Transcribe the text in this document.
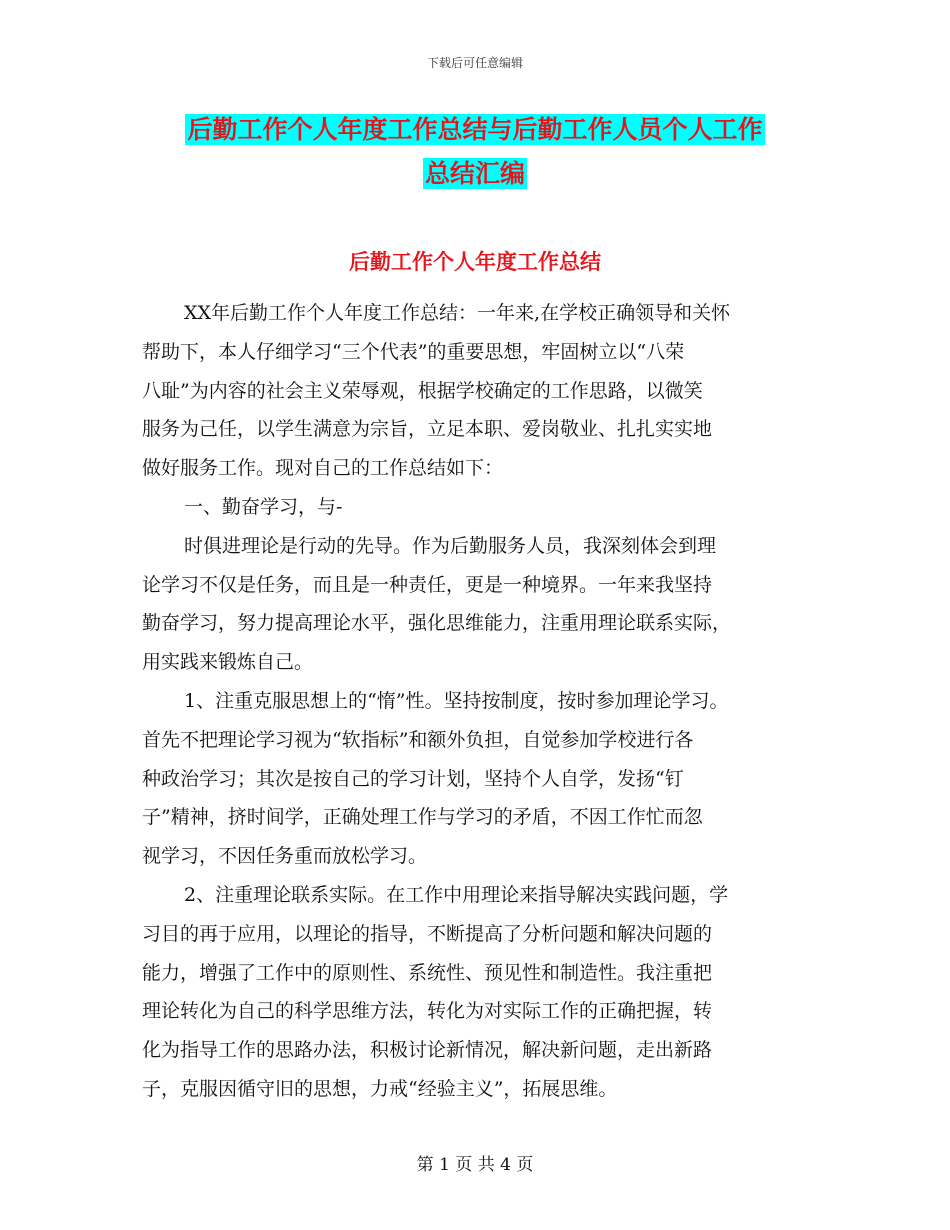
下载后可任意编辑
后勤工作个人年度工作总结与后勤工作人员个人工作
总结汇编
后勤工作个人年度工作总结

XX年后勤工作个人年度工作总结：一年来,在学校正确领导和关怀
帮助下，本人仔细学习“三个代表”的重要思想，牢固树立以“八荣
八耻”为内容的社会主义荣辱观，根据学校确定的工作思路，以微笑
服务为己任，以学生满意为宗旨，立足本职、爱岗敬业、扎扎实实地
做好服务工作。现对自己的工作总结如下：

一、勤奋学习，与-

时俱进理论是行动的先导。作为后勤服务人员，我深刻体会到理
论学习不仅是任务，而且是一种责任，更是一种境界。一年来我坚持
勤奋学习，努力提高理论水平，强化思维能力，注重用理论联系实际，
用实践来锻炼自己。

1、注重克服思想上的“惰”性。坚持按制度，按时参加理论学习。
首先不把理论学习视为“软指标”和额外负担，自觉参加学校进行各
种政治学习；其次是按自己的学习计划，坚持个人自学，发扬“钉
子”精神，挤时间学，正确处理工作与学习的矛盾，不因工作忙而忽
视学习，不因任务重而放松学习。

2、注重理论联系实际。在工作中用理论来指导解决实践问题，学
习目的再于应用，以理论的指导，不断提高了分析问题和解决问题的
能力，增强了工作中的原则性、系统性、预见性和制造性。我注重把
理论转化为自己的科学思维方法，转化为对实际工作的正确把握，转
化为指导工作的思路办法，积极讨论新情况，解决新问题，走出新路
子，克服因循守旧的思想，力戒“经验主义”，拓展思维。

第 1 页 共 4 页
